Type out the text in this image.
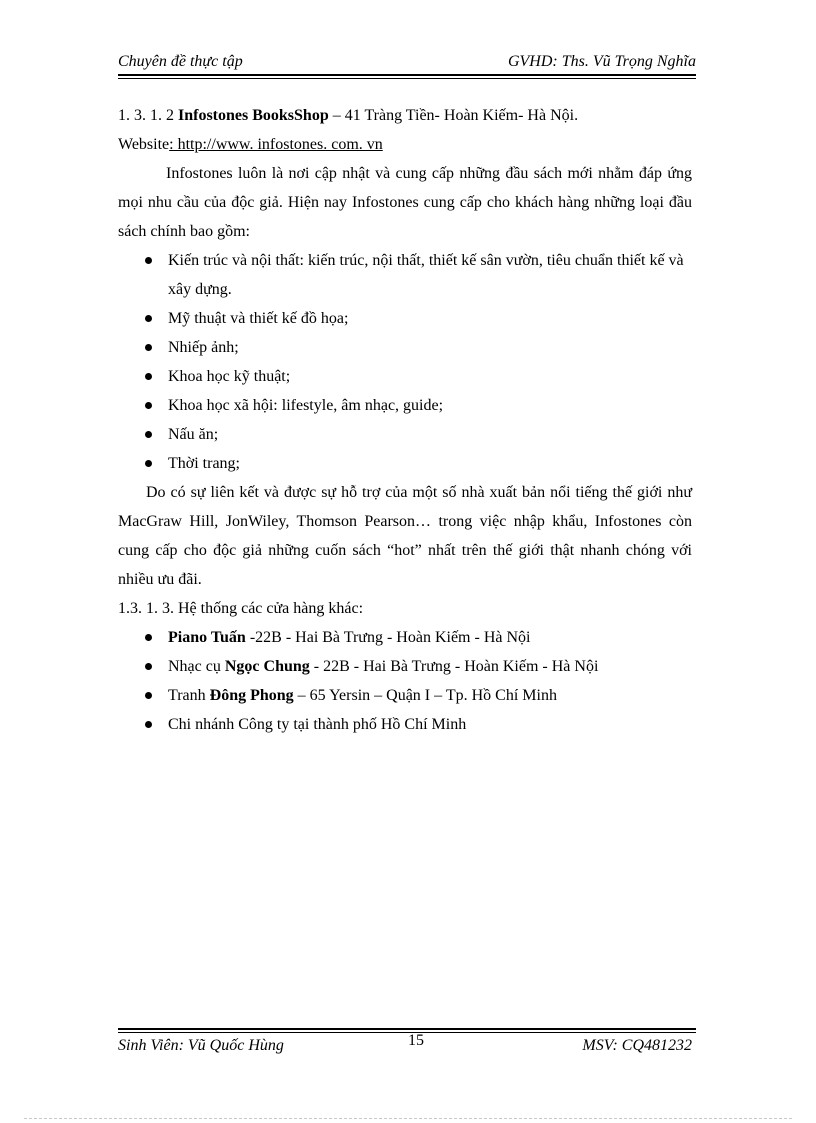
Chuyên đề thực tập	GVHD: Ths. Vũ Trọng Nghĩa

1. 3. 1. 2 Infostones BooksShop – 41 Tràng Tiền- Hoàn Kiếm- Hà Nội.

Website: http://www. infostones. com. vn

Infostones luôn là nơi cập nhật và cung cấp những đầu sách mới nhằm đáp ứng mọi nhu cầu của độc giả. Hiện nay Infostones cung cấp cho khách hàng những loại đầu sách chính bao gồm:

Kiến trúc và nội thất: kiến trúc, nội thất, thiết kế sân vườn, tiêu chuẩn thiết kế và xây dựng.
Mỹ thuật và thiết kế đồ họa;
Nhiếp ảnh;
Khoa học kỹ thuật;
Khoa học xã hội: lifestyle, âm nhạc, guide;
Nấu ăn;
Thời trang;

Do có sự liên kết và được sự hỗ trợ của một số nhà xuất bản nổi tiếng thế giới như MacGraw Hill, JonWiley, Thomson Pearson… trong việc nhập khẩu, Infostones còn cung cấp cho độc giả những cuốn sách “hot” nhất trên thế giới thật nhanh chóng với nhiều ưu đãi.

1.3. 1. 3. Hệ thống các cửa hàng khác:

Piano Tuấn -22B - Hai Bà Trưng - Hoàn Kiếm - Hà Nội
Nhạc cụ Ngọc Chung - 22B - Hai Bà Trưng - Hoàn Kiếm - Hà Nội
Tranh Đông Phong – 65 Yersin – Quận I – Tp. Hồ Chí Minh
Chi nhánh Công ty tại thành phố Hồ Chí Minh
Sinh Viên: Vũ Quốc Hùng	15	MSV: CQ481232
